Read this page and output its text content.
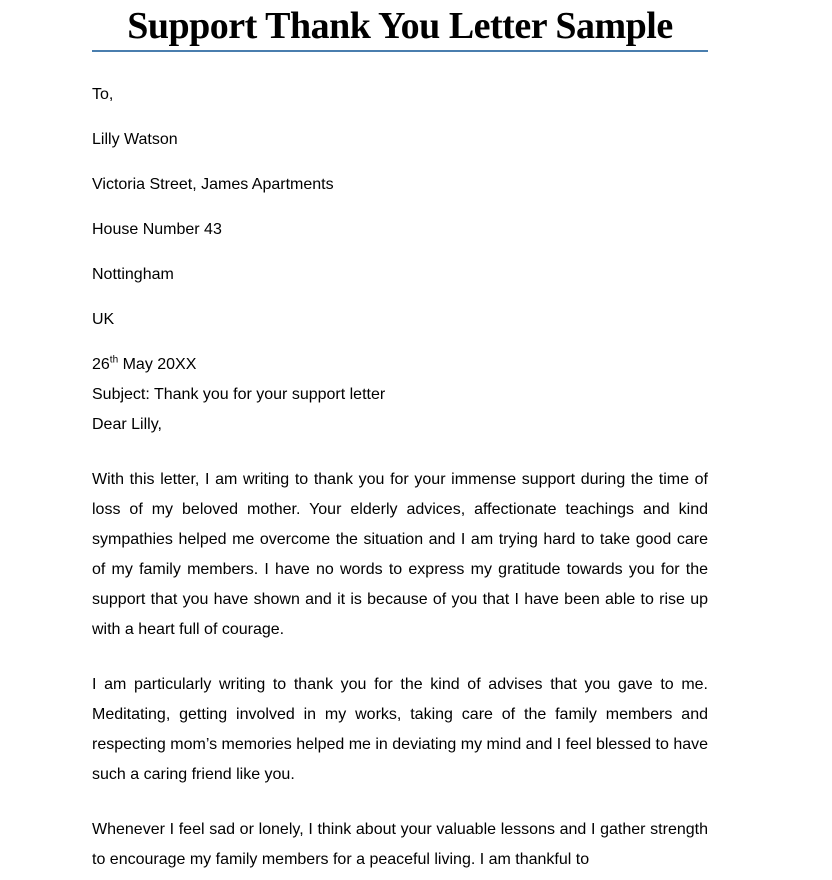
Support Thank You Letter Sample
To,
Lilly Watson
Victoria Street, James Apartments
House Number 43
Nottingham
UK
26th May 20XX
Subject: Thank you for your support letter
Dear Lilly,

With this letter, I am writing to thank you for your immense support during the time of loss of my beloved mother. Your elderly advices, affectionate teachings and kind sympathies helped me overcome the situation and I am trying hard to take good care of my family members. I have no words to express my gratitude towards you for the support that you have shown and it is because of you that I have been able to rise up with a heart full of courage.

I am particularly writing to thank you for the kind of advises that you gave to me. Meditating, getting involved in my works, taking care of the family members and respecting mom’s memories helped me in deviating my mind and I feel blessed to have such a caring friend like you.

Whenever I feel sad or lonely, I think about your valuable lessons and I gather strength to encourage my family members for a peaceful living. I am thankful to
